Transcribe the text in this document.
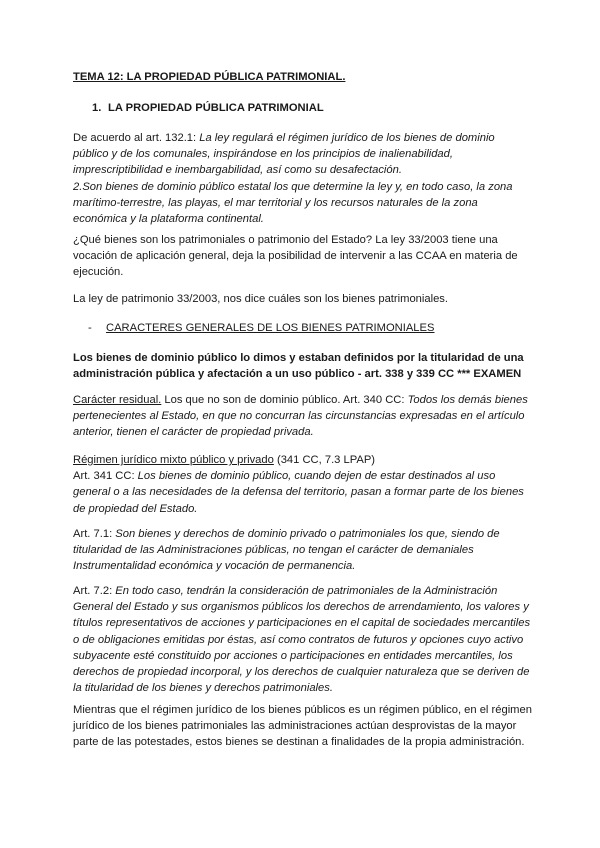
TEMA 12: LA PROPIEDAD PÚBLICA PATRIMONIAL.
1. LA PROPIEDAD PÚBLICA PATRIMONIAL
De acuerdo al art. 132.1: La ley regulará el régimen jurídico de los bienes de dominio público y de los comunales, inspirándose en los principios de inalienabilidad, imprescriptibilidad e inembargabilidad, así como su desafectación.
2.Son bienes de dominio público estatal los que determine la ley y, en todo caso, la zona marítimo-terrestre, las playas, el mar territorial y los recursos naturales de la zona económica y la plataforma continental.
¿Qué bienes son los patrimoniales o patrimonio del Estado? La ley 33/2003 tiene una vocación de aplicación general, deja la posibilidad de intervenir a las CCAA en materia de ejecución.
La ley de patrimonio 33/2003, nos dice cuáles son los bienes patrimoniales.
- CARACTERES GENERALES DE LOS BIENES PATRIMONIALES
Los bienes de dominio público lo dimos y estaban definidos por la titularidad de una administración pública y afectación a un uso público - art. 338 y 339 CC *** EXAMEN
Carácter residual. Los que no son de dominio público. Art. 340 CC: Todos los demás bienes pertenecientes al Estado, en que no concurran las circunstancias expresadas en el artículo anterior, tienen el carácter de propiedad privada.
Régimen jurídico mixto público y privado (341 CC, 7.3 LPAP)
Art. 341 CC: Los bienes de dominio público, cuando dejen de estar destinados al uso general o a las necesidades de la defensa del territorio, pasan a formar parte de los bienes de propiedad del Estado.
Art. 7.1: Son bienes y derechos de dominio privado o patrimoniales los que, siendo de titularidad de las Administraciones públicas, no tengan el carácter de demaniales Instrumentalidad económica y vocación de permanencia.
Art. 7.2: En todo caso, tendrán la consideración de patrimoniales de la Administración General del Estado y sus organismos públicos los derechos de arrendamiento, los valores y títulos representativos de acciones y participaciones en el capital de sociedades mercantiles o de obligaciones emitidas por éstas, así como contratos de futuros y opciones cuyo activo subyacente esté constituido por acciones o participaciones en entidades mercantiles, los derechos de propiedad incorporal, y los derechos de cualquier naturaleza que se deriven de la titularidad de los bienes y derechos patrimoniales.
Mientras que el régimen jurídico de los bienes públicos es un régimen público, en el régimen jurídico de los bienes patrimoniales las administraciones actúan desprovistas de la mayor parte de las potestades, estos bienes se destinan a finalidades de la propia administración.
